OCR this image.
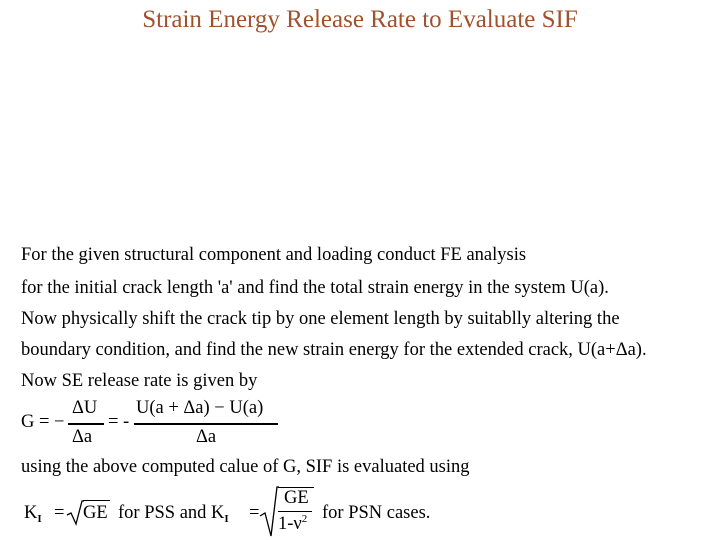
Strain Energy Release Rate to Evaluate SIF
For the given structural component and loading conduct FE analysis
for the initial crack length 'a' and find the total strain energy in the system U(a).
Now physically shift the crack tip by one element length by suitablly altering the
boundary condition, and find the new strain energy for the extended crack, U(a+Δa).
Now SE release rate is given by
G = −
ΔU
Δa
= -
U(a + Δa) − U(a)
Δa
using the above computed calue of G, SIF is evaluated using
$K_I$ = GE for PSS and $K_I$ =
GE
$1-\nu^2$ for PSN cases.
